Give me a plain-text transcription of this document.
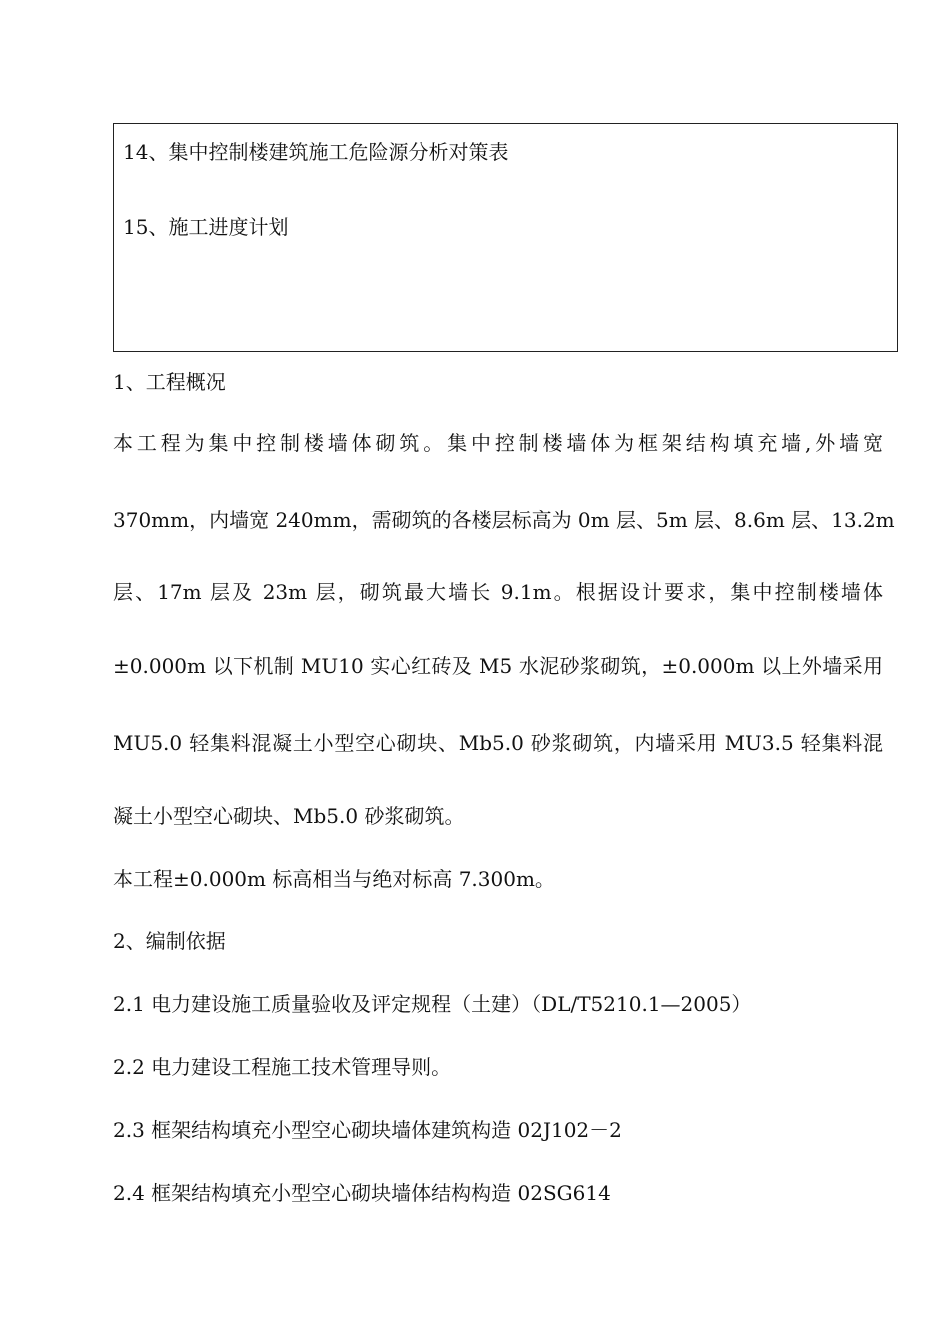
14、集中控制楼建筑施工危险源分析对策表
15、施工进度计划
1、工程概况
本工程为集中控制楼墙体砌筑。集中控制楼墙体为框架结构填充墙,外墙宽
370mm，内墙宽 240mm，需砌筑的各楼层标高为 0m 层、5m 层、8.6m 层、13.2m
层、17m 层及 23m 层，砌筑最大墙长 9.1m。根据设计要求，集中控制楼墙体
±0.000m 以下机制 MU10 实心红砖及 M5 水泥砂浆砌筑，±0.000m 以上外墙采用
MU5.0 轻集料混凝土小型空心砌块、Mb5.0 砂浆砌筑，内墙采用 MU3.5 轻集料混
凝土小型空心砌块、Mb5.0 砂浆砌筑。
本工程±0.000m 标高相当与绝对标高 7.300m。
2、编制依据
2.1 电力建设施工质量验收及评定规程（土建）（DL/T5210.1—2005）
2.2 电力建设工程施工技术管理导则。
2.3 框架结构填充小型空心砌块墙体建筑构造 02J102－2
2.4 框架结构填充小型空心砌块墙体结构构造 02SG614
